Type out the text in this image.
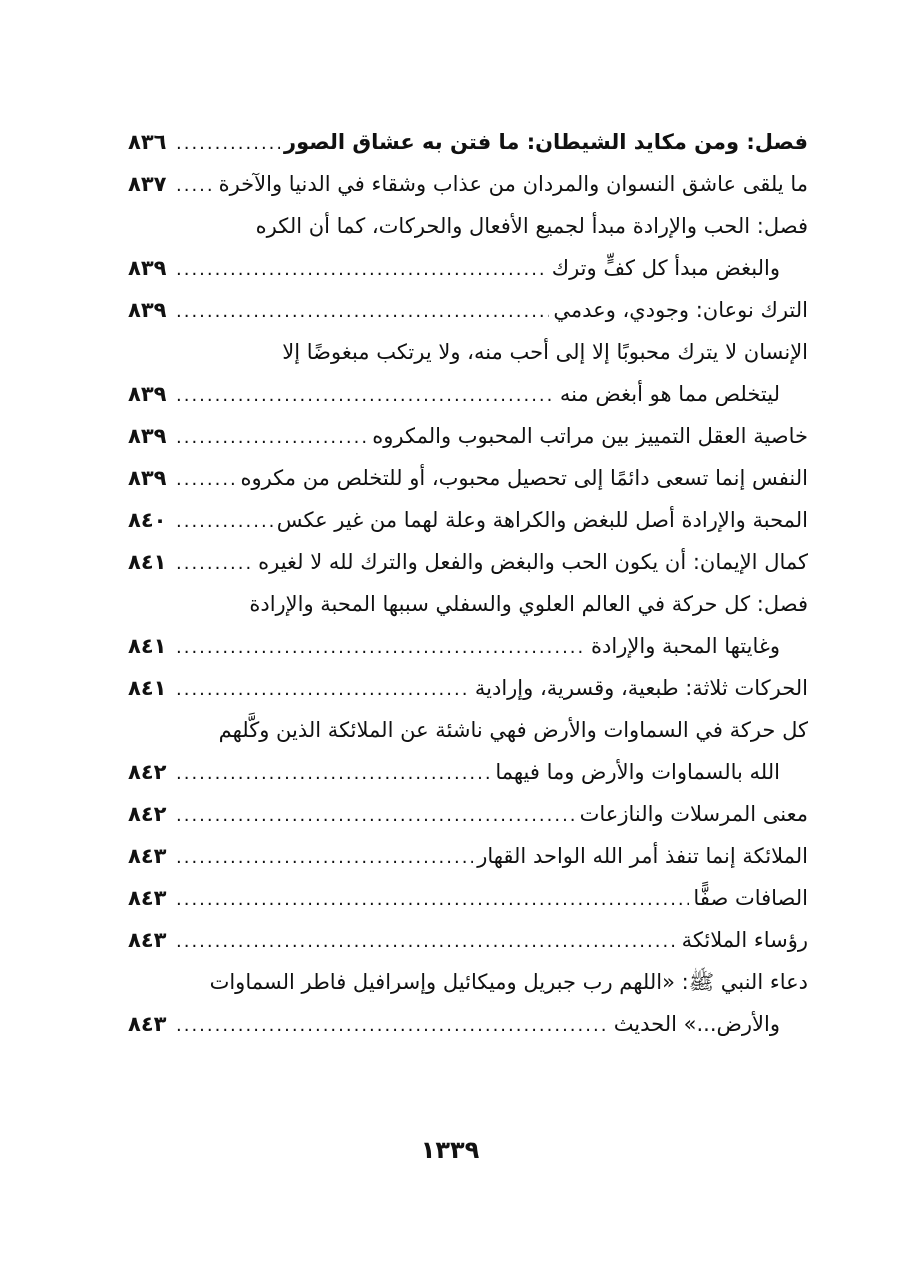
فصل: ومن مكايد الشيطان: ما فتن به عشاق الصور
.....
٨٣٦
ما يلقى عاشق النسوان والمردان من عذاب وشقاء في الدنيا والآخرة
.....
٨٣٧
فصل: الحب والإرادة مبدأ لجميع الأفعال والحركات، كما أن الكره
والبغض مبدأ كل كفٍّ وترك
.....
٨٣٩
الترك نوعان: وجودي، وعدمي
.....
٨٣٩
الإنسان لا يترك محبوبًا إلا إلى أحب منه، ولا يرتكب مبغوضًا إلا
ليتخلص مما هو أبغض منه
.....
٨٣٩
خاصية العقل التمييز بين مراتب المحبوب والمكروه
.....
٨٣٩
النفس إنما تسعى دائمًا إلى تحصيل محبوب، أو للتخلص من مكروه
.....
٨٣٩
المحبة والإرادة أصل للبغض والكراهة وعلة لهما من غير عكس
.....
٨٤٠
كمال الإيمان: أن يكون الحب والبغض والفعل والترك لله لا لغيره
.....
٨٤١
فصل: كل حركة في العالم العلوي والسفلي سببها المحبة والإرادة
وغايتها المحبة والإرادة
.....
٨٤١
الحركات ثلاثة: طبعية، وقسرية، وإرادية
.....
٨٤١
كل حركة في السماوات والأرض فهي ناشئة عن الملائكة الذين وكَّلهم
الله بالسماوات والأرض وما فيهما
.....
٨٤٢
معنى المرسلات والنازعات
.....
٨٤٢
الملائكة إنما تنفذ أمر الله الواحد القهار
.....
٨٤٣
الصافات صفًّا
.....
٨٤٣
رؤساء الملائكة
.....
٨٤٣
دعاء النبي ﷺ: «اللهم رب جبريل وميكائيل وإسرافيل فاطر السماوات
والأرض...» الحديث
.....
٨٤٣
١٣٣٩
